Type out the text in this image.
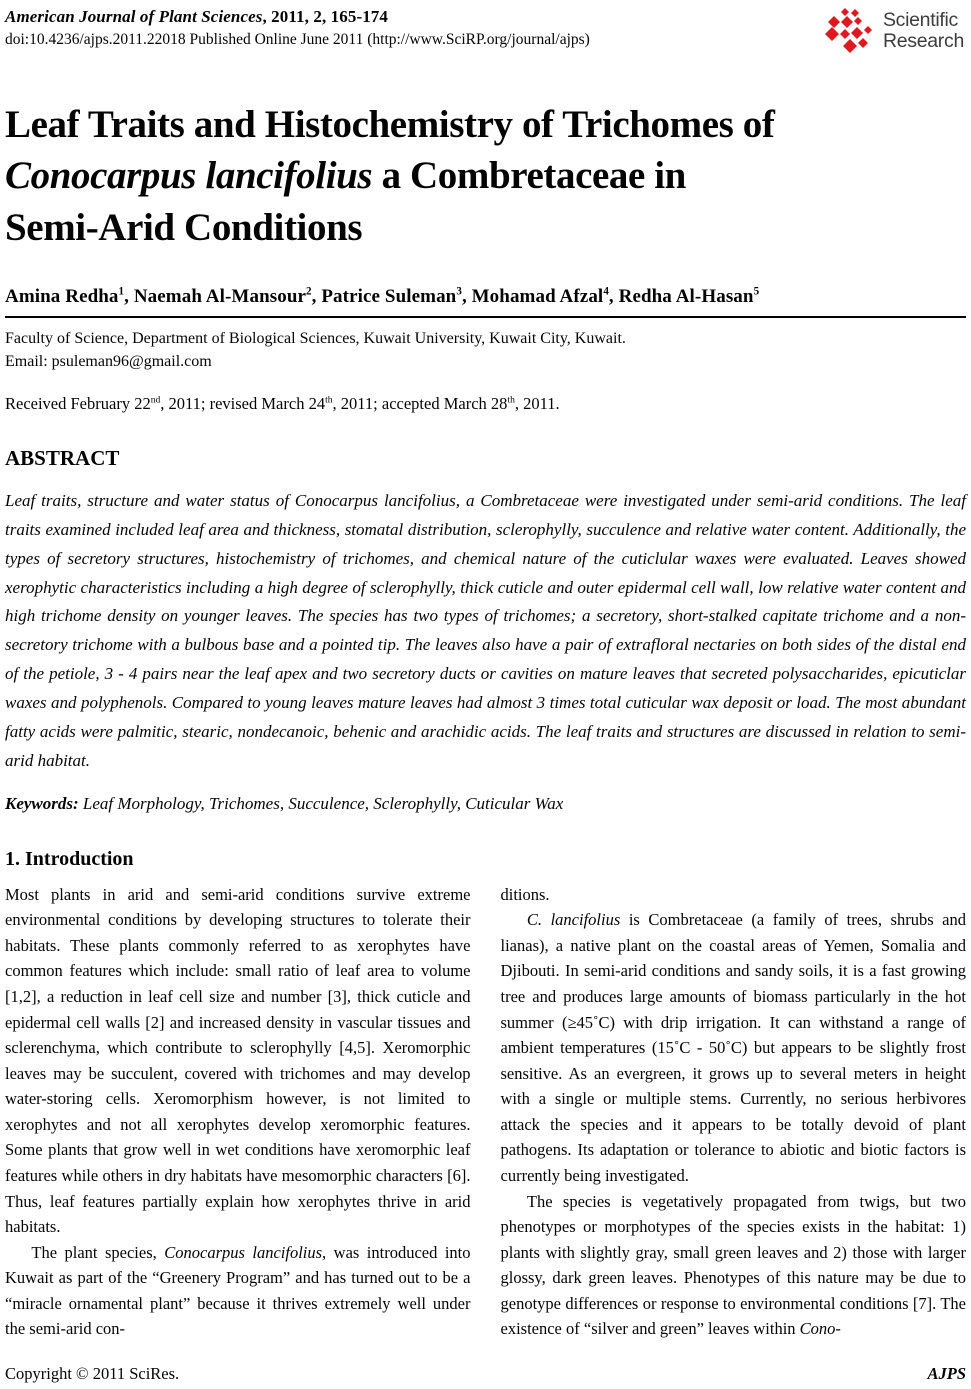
American Journal of Plant Sciences, 2011, 2, 165-174
doi:10.4236/ajps.2011.22018 Published Online June 2011 (http://www.SciRP.org/journal/ajps)
Scientific
Research
Leaf Traits and Histochemistry of Trichomes of
Conocarpus lancifolius a Combretaceae in
Semi-Arid Conditions
Amina Redha$^1$, Naemah Al-Mansour$^2$, Patrice Suleman$^3$, Mohamad Afzal$^4$, Redha Al-Hasan$^5$
Faculty of Science, Department of Biological Sciences, Kuwait University, Kuwait City, Kuwait.
Email: psuleman96@gmail.com
Received February 22nd, 2011; revised March 24th, 2011; accepted March 28th, 2011.
ABSTRACT
Leaf traits, structure and water status of Conocarpus lancifolius, a Combretaceae were investigated under semi-arid conditions. The leaf traits examined included leaf area and thickness, stomatal distribution, sclerophylly, succulence and relative water content. Additionally, the types of secretory structures, histochemistry of trichomes, and chemical nature of the cuticlular waxes were evaluated. Leaves showed xerophytic characteristics including a high degree of sclerophylly, thick cuticle and outer epidermal cell wall, low relative water content and high trichome density on younger leaves. The species has two types of trichomes; a secretory, short-stalked capitate trichome and a non-secretory trichome with a bulbous base and a pointed tip. The leaves also have a pair of extrafloral nectaries on both sides of the distal end of the petiole, 3 - 4 pairs near the leaf apex and two secretory ducts or cavities on mature leaves that secreted polysaccharides, epicuticlar waxes and polyphenols. Compared to young leaves mature leaves had almost 3 times total cuticular wax deposit or load. The most abundant fatty acids were palmitic, stearic, nondecanoic, behenic and arachidic acids. The leaf traits and structures are discussed in relation to semi-arid habitat.
Keywords: Leaf Morphology, Trichomes, Succulence, Sclerophylly, Cuticular Wax
1. Introduction

Most plants in arid and semi-arid conditions survive extreme environmental conditions by developing structures to tolerate their habitats. These plants commonly referred to as xerophytes have common features which include: small ratio of leaf area to volume [1,2], a reduction in leaf cell size and number [3], thick cuticle and epidermal cell walls [2] and increased density in vascular tissues and sclerenchyma, which contribute to sclerophylly [4,5]. Xeromorphic leaves may be succulent, covered with trichomes and may develop water-storing cells. Xeromorphism however, is not limited to xerophytes and not all xerophytes develop xeromorphic features. Some plants that grow well in wet conditions have xeromorphic leaf features while others in dry habitats have mesomorphic characters [6]. Thus, leaf features partially explain how xerophytes thrive in arid habitats.

The plant species, Conocarpus lancifolius, was introduced into Kuwait as part of the “Greenery Program” and has turned out to be a “miracle ornamental plant” because it thrives extremely well under the semi-arid con-

ditions.

C. lancifolius is Combretaceae (a family of trees, shrubs and lianas), a native plant on the coastal areas of Yemen, Somalia and Djibouti. In semi-arid conditions and sandy soils, it is a fast growing tree and produces large amounts of biomass particularly in the hot summer (≥45˚C) with drip irrigation. It can withstand a range of ambient temperatures (15˚C - 50˚C) but appears to be slightly frost sensitive. As an evergreen, it grows up to several meters in height with a single or multiple stems. Currently, no serious herbivores attack the species and it appears to be totally devoid of plant pathogens. Its adaptation or tolerance to abiotic and biotic factors is currently being investigated.

The species is vegetatively propagated from twigs, but two phenotypes or morphotypes of the species exists in the habitat: 1) plants with slightly gray, small green leaves and 2) those with larger glossy, dark green leaves. Phenotypes of this nature may be due to genotype differences or response to environmental conditions [7]. The existence of “silver and green” leaves within Cono-

Copyright © 2011 SciRes.	AJPS
